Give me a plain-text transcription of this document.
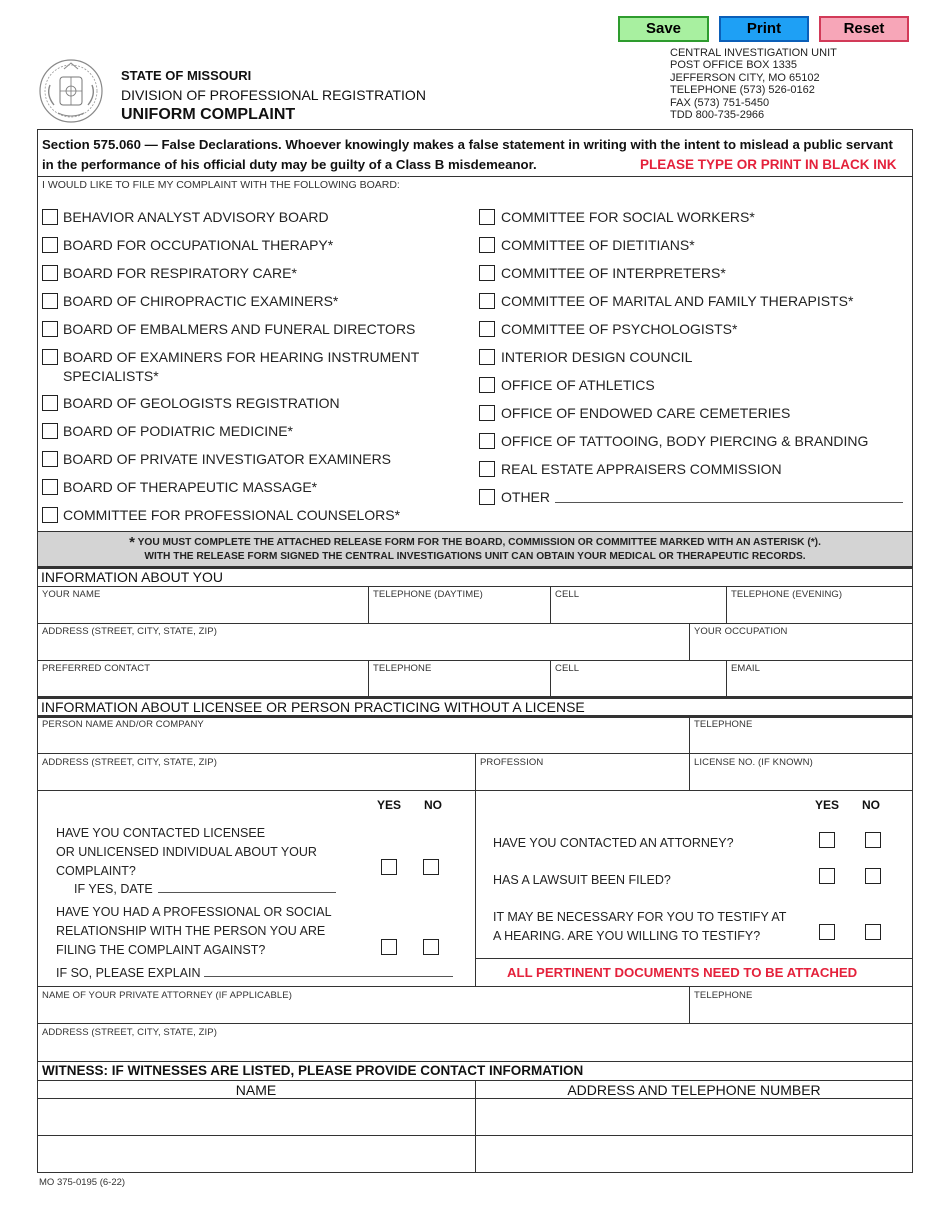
Save	Print	Reset
STATE OF MISSOURI
DIVISION OF PROFESSIONAL REGISTRATION
UNIFORM COMPLAINT
CENTRAL INVESTIGATION UNIT
POST OFFICE BOX 1335
JEFFERSON CITY, MO 65102
TELEPHONE (573) 526-0162
FAX (573) 751-5450
TDD 800-735-2966
Section 575.060 — False Declarations. Whoever knowingly makes a false statement in writing with the intent to mislead a public servant in the performance of his official duty may be guilty of a Class B misdemeanor.	PLEASE TYPE OR PRINT IN BLACK INK
I WOULD LIKE TO FILE MY COMPLAINT WITH THE FOLLOWING BOARD:
BEHAVIOR ANALYST ADVISORY BOARD
BOARD FOR OCCUPATIONAL THERAPY*
BOARD FOR RESPIRATORY CARE*
BOARD OF CHIROPRACTIC EXAMINERS*
BOARD OF EMBALMERS AND FUNERAL DIRECTORS
BOARD OF EXAMINERS FOR HEARING INSTRUMENT SPECIALISTS*
BOARD OF GEOLOGISTS REGISTRATION
BOARD OF PODIATRIC MEDICINE*
BOARD OF PRIVATE INVESTIGATOR EXAMINERS
BOARD OF THERAPEUTIC MASSAGE*
COMMITTEE FOR PROFESSIONAL COUNSELORS*
COMMITTEE FOR SOCIAL WORKERS*
COMMITTEE OF DIETITIANS*
COMMITTEE OF INTERPRETERS*
COMMITTEE OF MARITAL AND FAMILY THERAPISTS*
COMMITTEE OF PSYCHOLOGISTS*
INTERIOR DESIGN COUNCIL
OFFICE OF ATHLETICS
OFFICE OF ENDOWED CARE CEMETERIES
OFFICE OF TATTOOING, BODY PIERCING & BRANDING
REAL ESTATE APPRAISERS COMMISSION
OTHER
* YOU MUST COMPLETE THE ATTACHED RELEASE FORM FOR THE BOARD, COMMISSION OR COMMITTEE MARKED WITH AN ASTERISK (*).
WITH THE RELEASE FORM SIGNED THE CENTRAL INVESTIGATIONS UNIT CAN OBTAIN YOUR MEDICAL OR THERAPEUTIC RECORDS.
INFORMATION ABOUT YOU
YOUR NAME	TELEPHONE (DAYTIME)	CELL	TELEPHONE (EVENING)
ADDRESS (STREET, CITY, STATE, ZIP)	YOUR OCCUPATION
PREFERRED CONTACT	TELEPHONE	CELL	EMAIL
INFORMATION ABOUT LICENSEE OR PERSON PRACTICING WITHOUT A LICENSE
PERSON NAME AND/OR COMPANY	TELEPHONE
ADDRESS (STREET, CITY, STATE, ZIP)	PROFESSION	LICENSE NO. (IF KNOWN)
YES NO	YES NO
HAVE YOU CONTACTED LICENSEE
OR UNLICENSED INDIVIDUAL ABOUT YOUR
COMPLAINT?
IF YES, DATE
HAVE YOU HAD A PROFESSIONAL OR SOCIAL
RELATIONSHIP WITH THE PERSON YOU ARE
FILING THE COMPLAINT AGAINST?
IF SO, PLEASE EXPLAIN
HAVE YOU CONTACTED AN ATTORNEY?
HAS A LAWSUIT BEEN FILED?
IT MAY BE NECESSARY FOR YOU TO TESTIFY AT
A HEARING. ARE YOU WILLING TO TESTIFY?
ALL PERTINENT DOCUMENTS NEED TO BE ATTACHED
NAME OF YOUR PRIVATE ATTORNEY (IF APPLICABLE)	TELEPHONE
ADDRESS (STREET, CITY, STATE, ZIP)
WITNESS: IF WITNESSES ARE LISTED, PLEASE PROVIDE CONTACT INFORMATION
NAME	ADDRESS AND TELEPHONE NUMBER
MO 375-0195 (6-22)
